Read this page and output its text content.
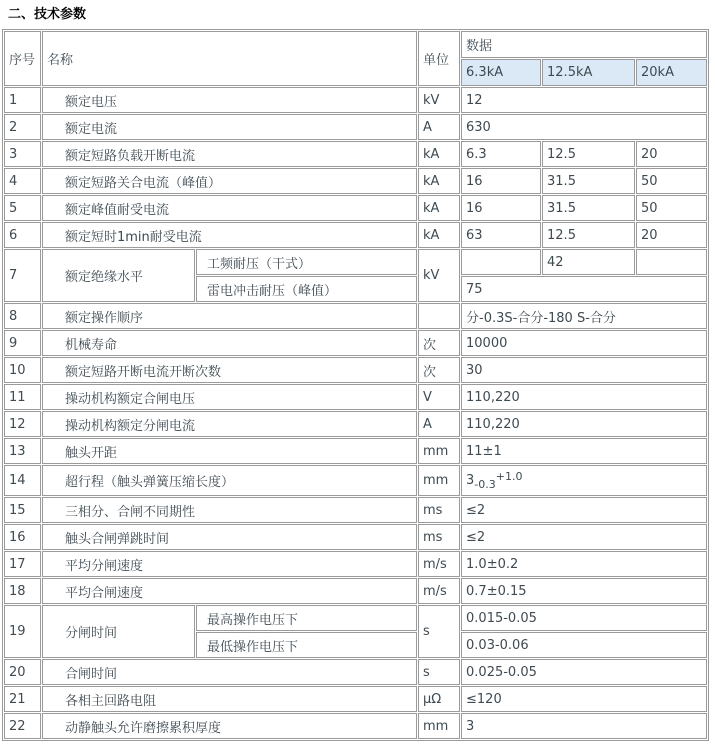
二、技术参数
序号	名称		单位	数据		
				6.3kA	12.5kA	20kA
1	额定电压		kV	12		
2	额定电流		A	630		
3	额定短路负载开断电流		kA	6.3	12.5	20
4	额定短路关合电流（峰值）		kA	16	31.5	50
5	额定峰值耐受电流		kA	16	31.5	50
6	额定短时1min耐受电流		kA	63	12.5	20
7	额定绝缘水平	工频耐压（干式）	kV		42	
		雷电冲击耐压（峰值）		75		
8	额定操作顺序			分-0.3S-合分-180 S-合分		
9	机械寿命		次	10000		
10	额定短路开断电流开断次数		次	30		
11	操动机构额定合闸电压		V	110,220		
12	操动机构额定分闸电流		A	110,220		
13	触头开距		mm	11±1		
14	超行程（触头弹簧压缩长度）		mm	$3_{-0.3}^{+1.0}$
15	三相分、合闸不同期性		ms	≤2		
16	触头合闸弹跳时间		ms	≤2		
17	平均分闸速度		m/s	1.0±0.2		
18	平均合闸速度		m/s	0.7±0.15		
19	分闸时间	最高操作电压下	s	0.015-0.05		
		最低操作电压下		0.03-0.06		
20	合闸时间		s	0.025-0.05		
21	各相主回路电阻		μΩ	≤120		
22	动静触头允许磨擦累积厚度		mm	3		
